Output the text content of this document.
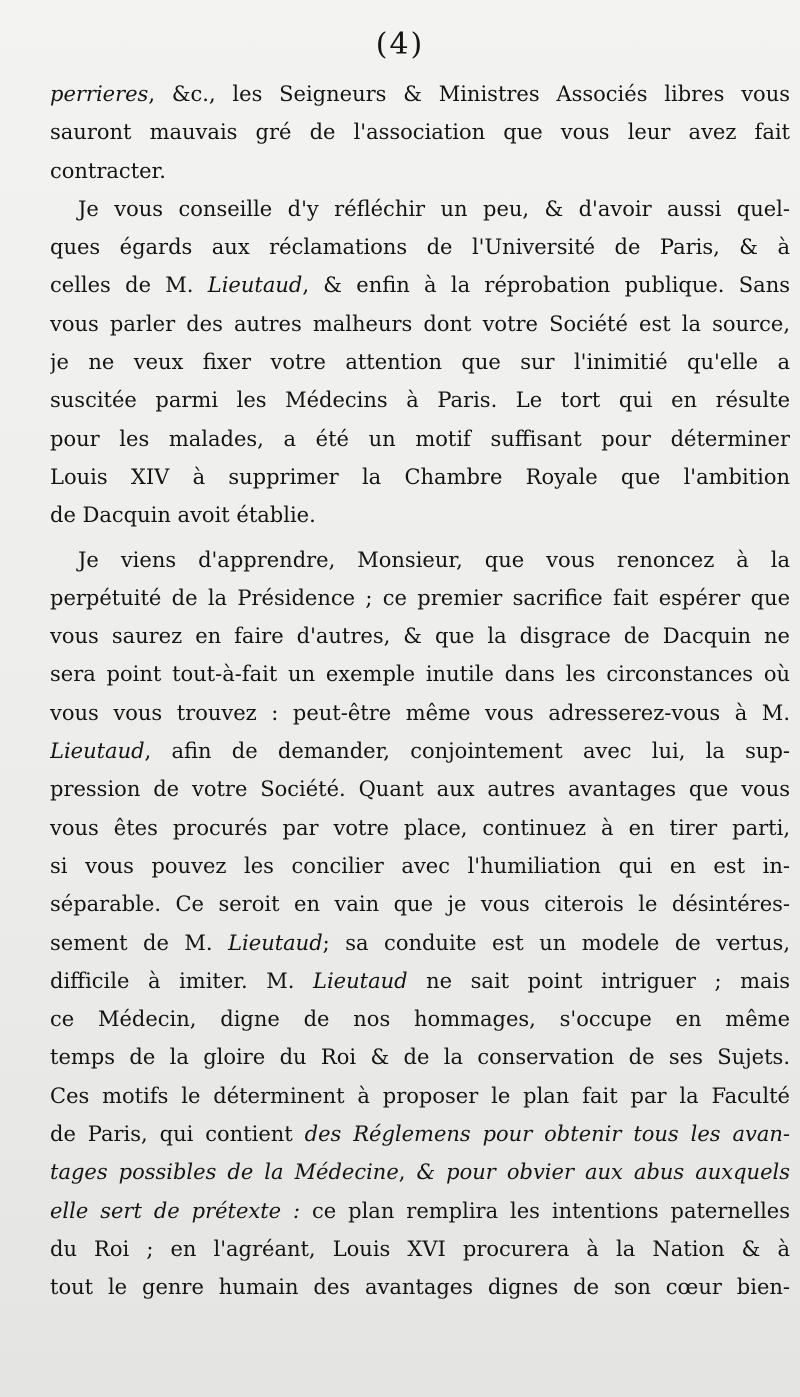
(4)
perrieres, &c., les Seigneurs & Ministres Associés libres vous
sauront mauvais gré de l'association que vous leur avez fait
contracter.
Je vous conseille d'y réfléchir un peu, & d'avoir aussi quel-
ques égards aux réclamations de l'Université de Paris, & à
celles de M. Lieutaud, & enfin à la réprobation publique. Sans
vous parler des autres malheurs dont votre Société est la source,
je ne veux fixer votre attention que sur l'inimitié qu'elle a
suscitée parmi les Médecins à Paris. Le tort qui en résulte
pour les malades, a été un motif suffisant pour déterminer
Louis XIV à supprimer la Chambre Royale que l'ambition
de Dacquin avoit établie.
Je viens d'apprendre, Monsieur, que vous renoncez à la
perpétuité de la Présidence ; ce premier sacrifice fait espérer que
vous saurez en faire d'autres, & que la disgrace de Dacquin ne
sera point tout-à-fait un exemple inutile dans les circonstances où
vous vous trouvez : peut-être même vous adresserez-vous à M.
Lieutaud, afin de demander, conjointement avec lui, la sup-
pression de votre Société. Quant aux autres avantages que vous
vous êtes procurés par votre place, continuez à en tirer parti,
si vous pouvez les concilier avec l'humiliation qui en est in-
séparable. Ce seroit en vain que je vous citerois le désintéres-
sement de M. Lieutaud; sa conduite est un modele de vertus,
difficile à imiter. M. Lieutaud ne sait point intriguer ; mais
ce Médecin, digne de nos hommages, s'occupe en même
temps de la gloire du Roi & de la conservation de ses Sujets.
Ces motifs le déterminent à proposer le plan fait par la Faculté
de Paris, qui contient des Réglemens pour obtenir tous les avan-
tages possibles de la Médecine, & pour obvier aux abus auxquels
elle sert de prétexte : ce plan remplira les intentions paternelles
du Roi ; en l'agréant, Louis XVI procurera à la Nation & à
tout le genre humain des avantages dignes de son cœur bien-
